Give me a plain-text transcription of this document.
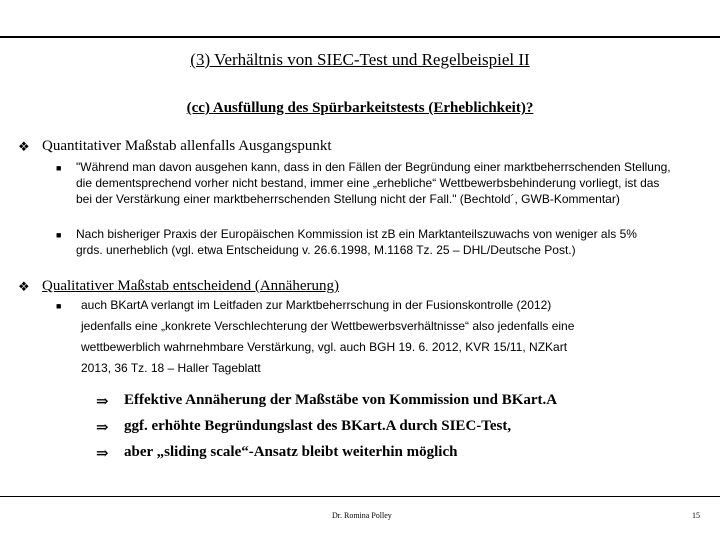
(3) Verhältnis von SIEC-Test und Regelbeispiel II
(cc) Ausfüllung des Spürbarkeitstests (Erheblichkeit)?
❖ Quantitativer Maßstab allenfalls Ausgangspunkt
■ "Während man davon ausgehen kann, dass in den Fällen der Begründung einer marktbeherrschenden Stellung,
die dementsprechend vorher nicht bestand, immer eine „erhebliche“ Wettbewerbsbehinderung vorliegt, ist das
bei der Verstärkung einer marktbeherrschenden Stellung nicht der Fall." (Bechtold´, GWB-Kommentar)
■ Nach bisheriger Praxis der Europäischen Kommission ist zB ein Marktanteilszuwachs von weniger als 5%
grds. unerheblich (vgl. etwa Entscheidung v. 26.6.1998, M.1168 Tz. 25 – DHL/Deutsche Post.)
❖ Qualitativer Maßstab entscheidend (Annäherung)
■ auch BKartA verlangt im Leitfaden zur Marktbeherrschung in der Fusionskontrolle (2012)
jedenfalls eine „konkrete Verschlechterung der Wettbewerbsverhältnisse“ also jedenfalls eine
wettbewerblich wahrnehmbare Verstärkung, vgl. auch BGH 19. 6. 2012, KVR 15/11, NZKart
2013, 36 Tz. 18 – Haller Tageblatt
⇒	Effektive Annäherung der Maßstäbe von Kommission und BKart.A
⇒	ggf. erhöhte Begründungslast des BKart.A durch SIEC-Test,
⇒	aber „sliding scale“-Ansatz bleibt weiterhin möglich
Dr. Romina Polley	15
